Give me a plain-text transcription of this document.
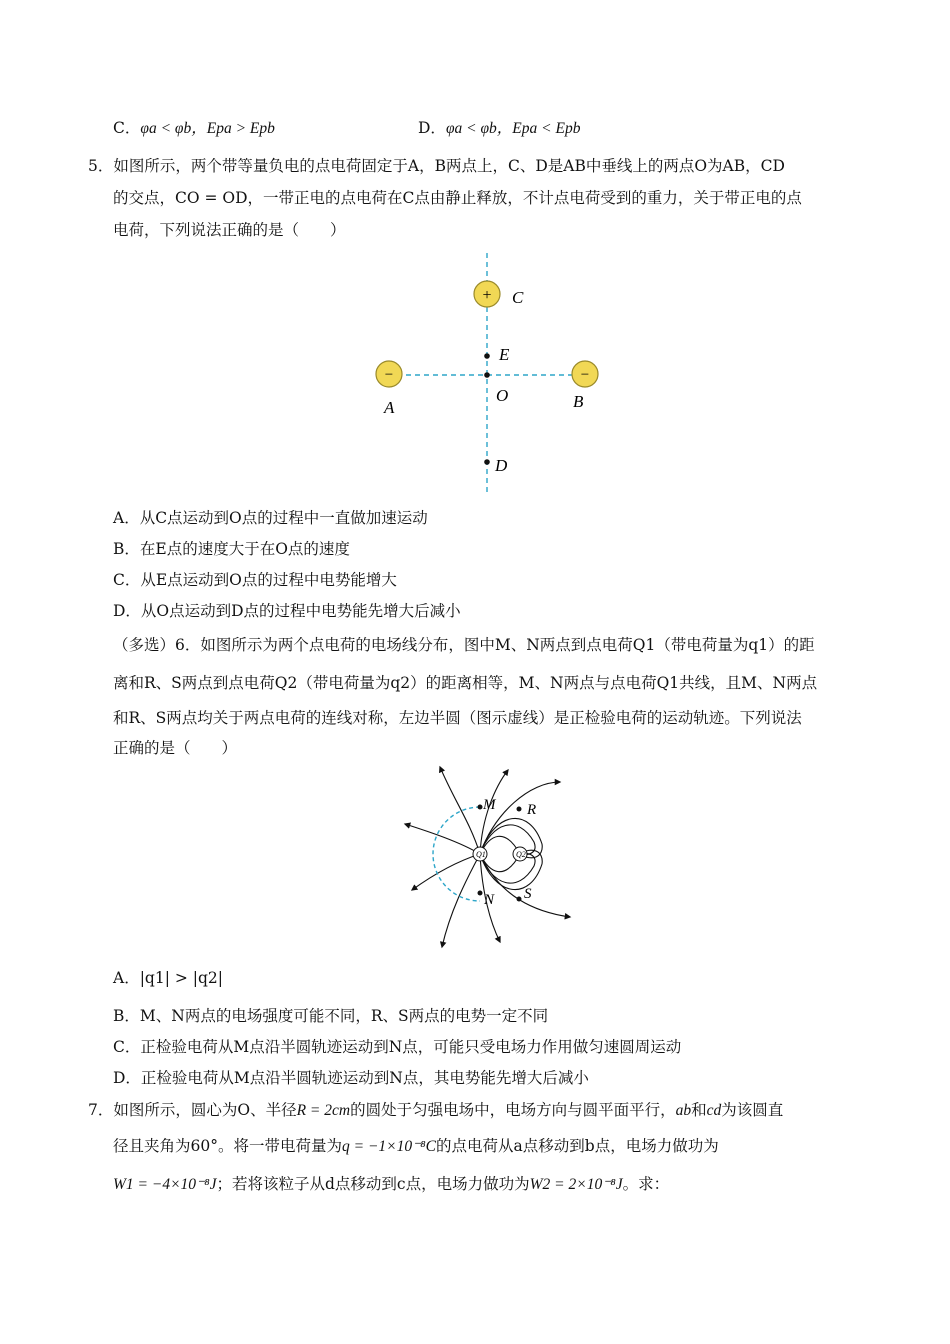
C．φa < φb，Epa > Epb	D．φa < φb，Epa < Epb
5．如图所示，两个带等量负电的点电荷固定于A，B两点上，C、D是AB中垂线上的两点O为AB，CD
的交点，CO = OD，一带正电的点电荷在C点由静止释放，不计点电荷受到的重力，关于带正电的点
电荷，下列说法正确的是（　　）
+
−	−
C
E
A
O	B
D
A．从C点运动到O点的过程中一直做加速运动
B．在E点的速度大于在O点的速度
C．从E点运动到O点的过程中电势能增大
D．从O点运动到D点的过程中电势能先增大后减小
（多选）6．如图所示为两个点电荷的电场线分布，图中M、N两点到点电荷Q1（带电荷量为q1）的距
离和R、S两点到点电荷Q2（带电荷量为q2）的距离相等，M、N两点与点电荷Q1共线，且M、N两点
和R、S两点均关于两点电荷的连线对称，左边半圆（图示虚线）是正检验电荷的运动轨迹。下列说法
正确的是（　　）
Q1	Q2
M R
N S
A．|q1| > |q2|
B．M、N两点的电场强度可能不同，R、S两点的电势一定不同
C．正检验电荷从M点沿半圆轨迹运动到N点，可能只受电场力作用做匀速圆周运动
D．正检验电荷从M点沿半圆轨迹运动到N点，其电势能先增大后减小
7．如图所示，圆心为O、半径R = 2cm的圆处于匀强电场中，电场方向与圆平面平行，ab和cd为该圆直
径且夹角为60°。将一带电荷量为q = −1×10⁻⁸C的点电荷从a点移动到b点，电场力做功为
W1 = −4×10⁻⁸J；若将该粒子从d点移动到c点，电场力做功为W2 = 2×10⁻⁸J。求：
